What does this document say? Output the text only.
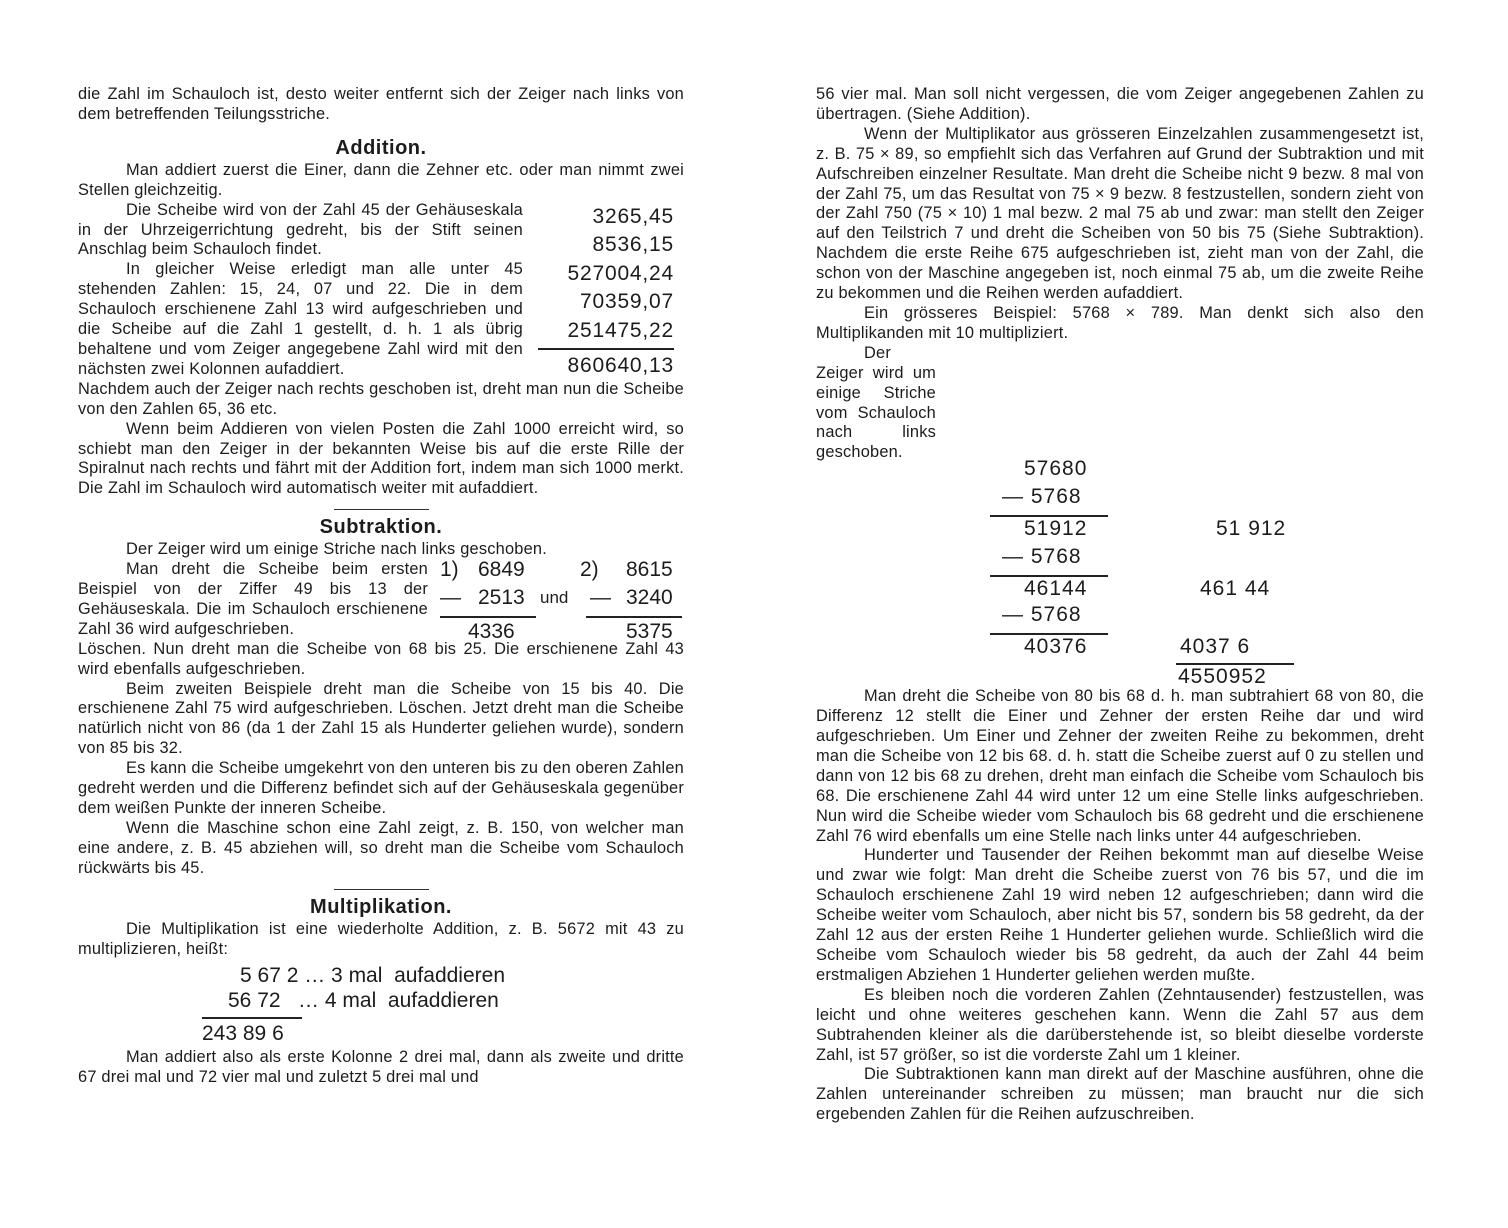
die Zahl im Schauloch ist, desto weiter entfernt sich der Zeiger nach links von dem betreffenden Teilungsstriche.

Addition.

Man addiert zuerst die Einer, dann die Zehner etc. oder man nimmt zwei Stellen gleichzeitig.

Die Scheibe wird von der Zahl 45 der Gehäuseskala in der Uhrzeigerrichtung gedreht, bis der Stift seinen Anschlag beim Schauloch findet.

In gleicher Weise erledigt man alle unter 45 stehenden Zahlen: 15, 24, 07 und 22. Die in dem Schauloch erschienene Zahl 13 wird aufgeschrieben und die Scheibe auf die Zahl 1 gestellt, d. h. 1 als übrig behaltene und vom Zeiger angegebene Zahl wird mit den nächsten zwei Kolonnen aufaddiert.

3265,45
8536,15
527004,24
70359,07
251475,22
860640,13

Nachdem auch der Zeiger nach rechts geschoben ist, dreht man nun die Scheibe von den Zahlen 65, 36 etc.

Wenn beim Addieren von vielen Posten die Zahl 1000 erreicht wird, so schiebt man den Zeiger in der bekannten Weise bis auf die erste Rille der Spiralnut nach rechts und fährt mit der Addition fort, indem man sich 1000 merkt. Die Zahl im Schauloch wird automatisch weiter mit aufaddiert.

Subtraktion.

Der Zeiger wird um einige Striche nach links geschoben.

Man dreht die Scheibe beim ersten Beispiel von der Ziffer 49 bis 13 der Gehäuseskala. Die im Schauloch erschienene Zahl 36 wird aufgeschrieben.

1) 6849	2) 8615
— 2513 und — 3240
4336	5375

Löschen. Nun dreht man die Scheibe von 68 bis 25. Die erschienene Zahl 43 wird ebenfalls aufgeschrieben.

Beim zweiten Beispiele dreht man die Scheibe von 15 bis 40. Die erschienene Zahl 75 wird aufgeschrieben. Löschen. Jetzt dreht man die Scheibe natürlich nicht von 86 (da 1 der Zahl 15 als Hunderter geliehen wurde), sondern von 85 bis 32.

Es kann die Scheibe umgekehrt von den unteren bis zu den oberen Zahlen gedreht werden und die Differenz befindet sich auf der Gehäuseskala gegenüber dem weißen Punkte der inneren Scheibe.

Wenn die Maschine schon eine Zahl zeigt, z. B. 150, von welcher man eine andere, z. B. 45 abziehen will, so dreht man die Scheibe vom Schauloch rückwärts bis 45.

Multiplikation.

Die Multiplikation ist eine wiederholte Addition, z. B. 5672 mit 43 zu multiplizieren, heißt:

5 67 2 … 3 mal  aufaddieren
56 72   … 4 mal  aufaddieren
243 89 6

Man addiert also als erste Kolonne 2 drei mal, dann als zweite und dritte 67 drei mal und 72 vier mal und zuletzt 5 drei mal und

56 vier mal. Man soll nicht vergessen, die vom Zeiger angegebenen Zahlen zu übertragen. (Siehe Addition).

Wenn der Multiplikator aus grösseren Einzelzahlen zusammengesetzt ist, z. B. 75 × 89, so empfiehlt sich das Verfahren auf Grund der Subtraktion und mit Aufschreiben einzelner Resultate. Man dreht die Scheibe nicht 9 bezw. 8 mal von der Zahl 75, um das Resultat von 75 × 9 bezw. 8 festzustellen, sondern zieht von der Zahl 750 (75 × 10) 1 mal bezw. 2 mal 75 ab und zwar: man stellt den Zeiger auf den Teilstrich 7 und dreht die Scheiben von 50 bis 75 (Siehe Subtraktion). Nachdem die erste Reihe 675 aufgeschrieben ist, zieht man von der Zahl, die schon von der Maschine angegeben ist, noch einmal 75 ab, um die zweite Reihe zu bekommen und die Reihen werden aufaddiert.

Ein grösseres Beispiel: 5768 × 789. Man denkt sich also den Multiplikanden mit 10 multipliziert.

Der Zeiger wird um einige Striche vom Schauloch nach links geschoben.

57680
— 5768
51912
— 5768
46144
— 5768
40376
51 912
461 44
4037 6
4550952

Man dreht die Scheibe von 80 bis 68 d. h. man subtrahiert 68 von 80, die Differenz 12 stellt die Einer und Zehner der ersten Reihe dar und wird aufgeschrieben. Um Einer und Zehner der zweiten Reihe zu bekommen, dreht man die Scheibe von 12 bis 68. d. h. statt die Scheibe zuerst auf 0 zu stellen und dann von 12 bis 68 zu drehen, dreht man einfach die Scheibe vom Schauloch bis 68. Die erschienene Zahl 44 wird unter 12 um eine Stelle links aufgeschrieben. Nun wird die Scheibe wieder vom Schauloch bis 68 gedreht und die erschienene Zahl 76 wird ebenfalls um eine Stelle nach links unter 44 aufgeschrieben.

Hunderter und Tausender der Reihen bekommt man auf dieselbe Weise und zwar wie folgt: Man dreht die Scheibe zuerst von 76 bis 57, und die im Schauloch erschienene Zahl 19 wird neben 12 aufgeschrieben; dann wird die Scheibe weiter vom Schauloch, aber nicht bis 57, sondern bis 58 gedreht, da der Zahl 12 aus der ersten Reihe 1 Hunderter geliehen wurde. Schließlich wird die Scheibe vom Schauloch wieder bis 58 gedreht, da auch der Zahl 44 beim erstmaligen Abziehen 1 Hunderter geliehen werden mußte.

Es bleiben noch die vorderen Zahlen (Zehntausender) festzustellen, was leicht und ohne weiteres geschehen kann. Wenn die Zahl 57 aus dem Subtrahenden kleiner als die darüberstehende ist, so bleibt dieselbe vorderste Zahl, ist 57 größer, so ist die vorderste Zahl um 1 kleiner.

Die Subtraktionen kann man direkt auf der Maschine ausführen, ohne die Zahlen untereinander schreiben zu müssen; man braucht nur die sich ergebenden Zahlen für die Reihen aufzuschreiben.
